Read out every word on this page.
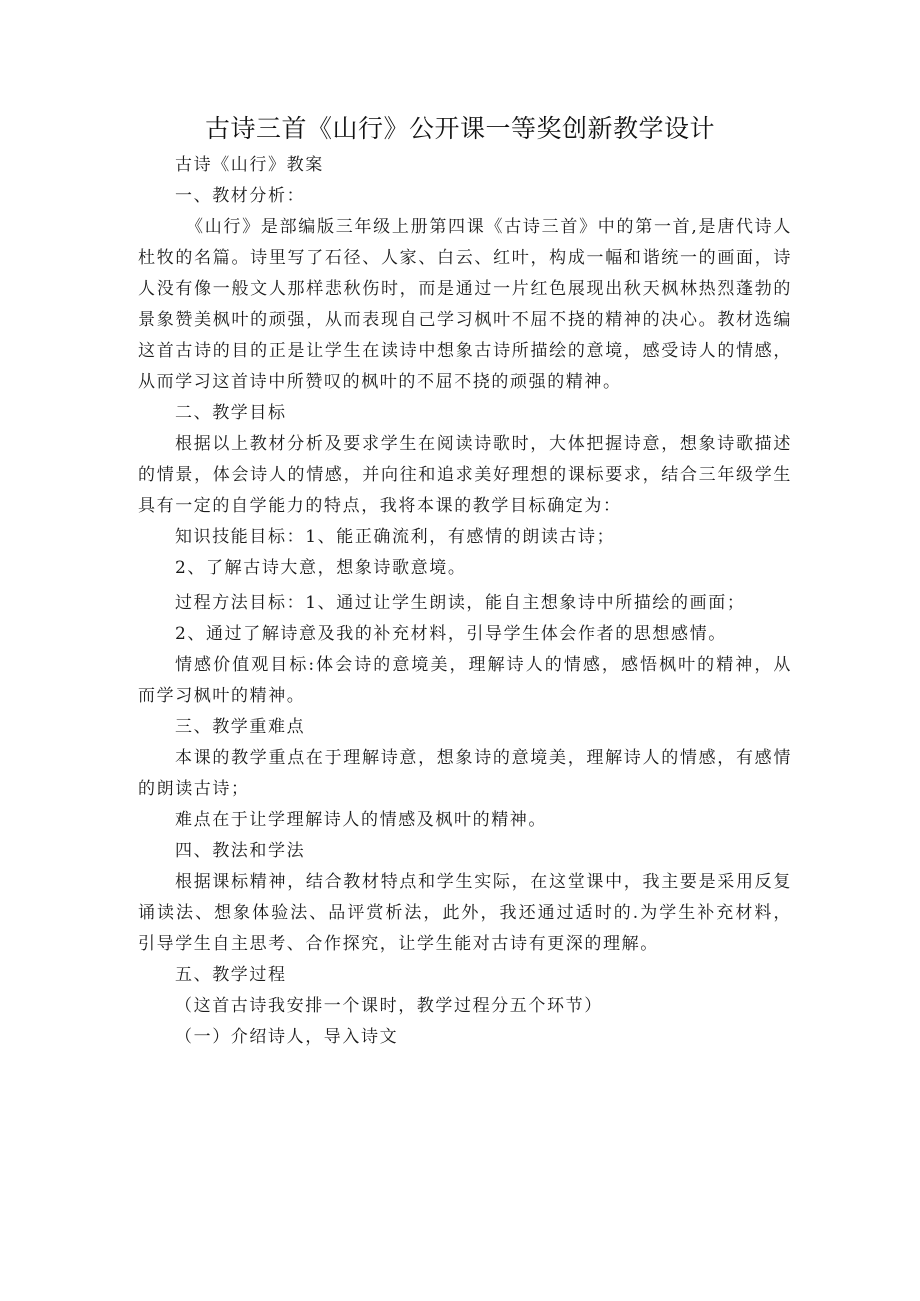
古诗三首《山行》公开课一等奖创新教学设计

古诗《山行》教案

一、教材分析：

《山行》是部编版三年级上册第四课《古诗三首》中的第一首,是唐代诗人杜牧的名篇。诗里写了石径、人家、白云、红叶，构成一幅和谐统一的画面，诗人没有像一般文人那样悲秋伤时，而是通过一片红色展现出秋天枫林热烈蓬勃的景象赞美枫叶的顽强，从而表现自己学习枫叶不屈不挠的精神的决心。教材选编这首古诗的目的正是让学生在读诗中想象古诗所描绘的意境，感受诗人的情感，从而学习这首诗中所赞叹的枫叶的不屈不挠的顽强的精神。

二、教学目标

根据以上教材分析及要求学生在阅读诗歌时，大体把握诗意，想象诗歌描述的情景，体会诗人的情感，并向往和追求美好理想的课标要求，结合三年级学生具有一定的自学能力的特点，我将本课的教学目标确定为：

知识技能目标：1、能正确流利，有感情的朗读古诗；

2、了解古诗大意，想象诗歌意境。

过程方法目标：1、通过让学生朗读，能自主想象诗中所描绘的画面；

2、通过了解诗意及我的补充材料，引导学生体会作者的思想感情。

情感价值观目标:体会诗的意境美，理解诗人的情感，感悟枫叶的精神，从而学习枫叶的精神。

三、教学重难点

本课的教学重点在于理解诗意，想象诗的意境美，理解诗人的情感，有感情的朗读古诗；

难点在于让学理解诗人的情感及枫叶的精神。

四、教法和学法

根据课标精神，结合教材特点和学生实际，在这堂课中，我主要是采用反复诵读法、想象体验法、品评赏析法，此外，我还通过适时的.为学生补充材料，引导学生自主思考、合作探究，让学生能对古诗有更深的理解。

五、教学过程

（这首古诗我安排一个课时，教学过程分五个环节）

（一）介绍诗人，导入诗文
